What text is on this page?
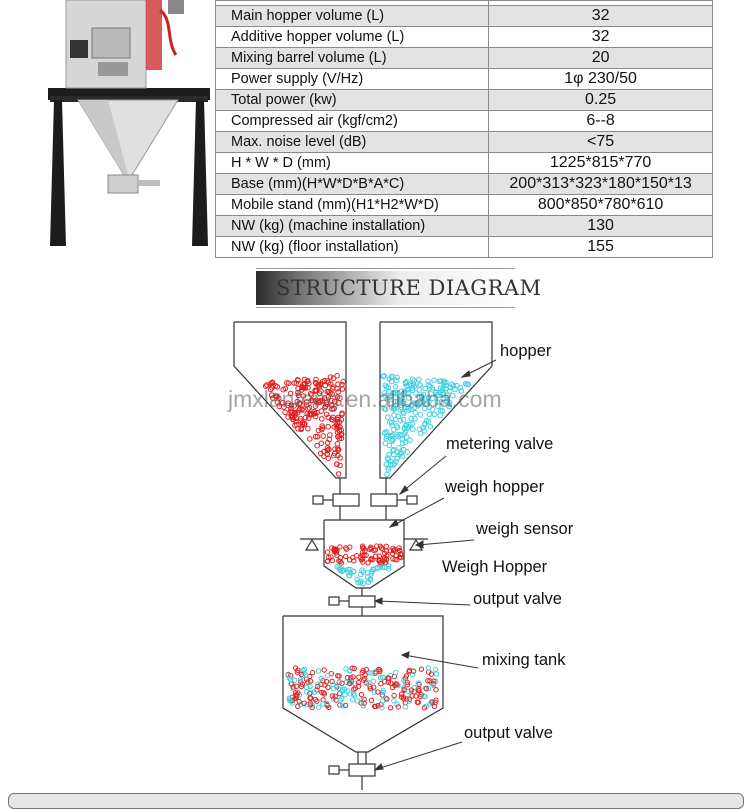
Main hopper volume (L)	32
Additive hopper volume (L)	32
Mixing barrel volume (L)	20
Power supply (V/Hz)	1φ 230/50
Total power (kw)	0.25
Compressed air (kgf/cm2)	6--8
Max. noise level (dB)	<75
H * W * D (mm)	1225*815*770
Base (mm)(H*W*D*B*A*C)	200*313*323*180*150*13
Mobile stand (mm)(H1*H2*W*D)	800*850*780*610
NW (kg) (machine installation)	130
NW (kg) (floor installation)	155
STRUCTURE DIAGRAM
hopper
metering valve
weigh hopper
weigh sensor
Weigh Hopper
output valve
mixing tank
output valve
jmxlanfeng.en.alibaba.com
